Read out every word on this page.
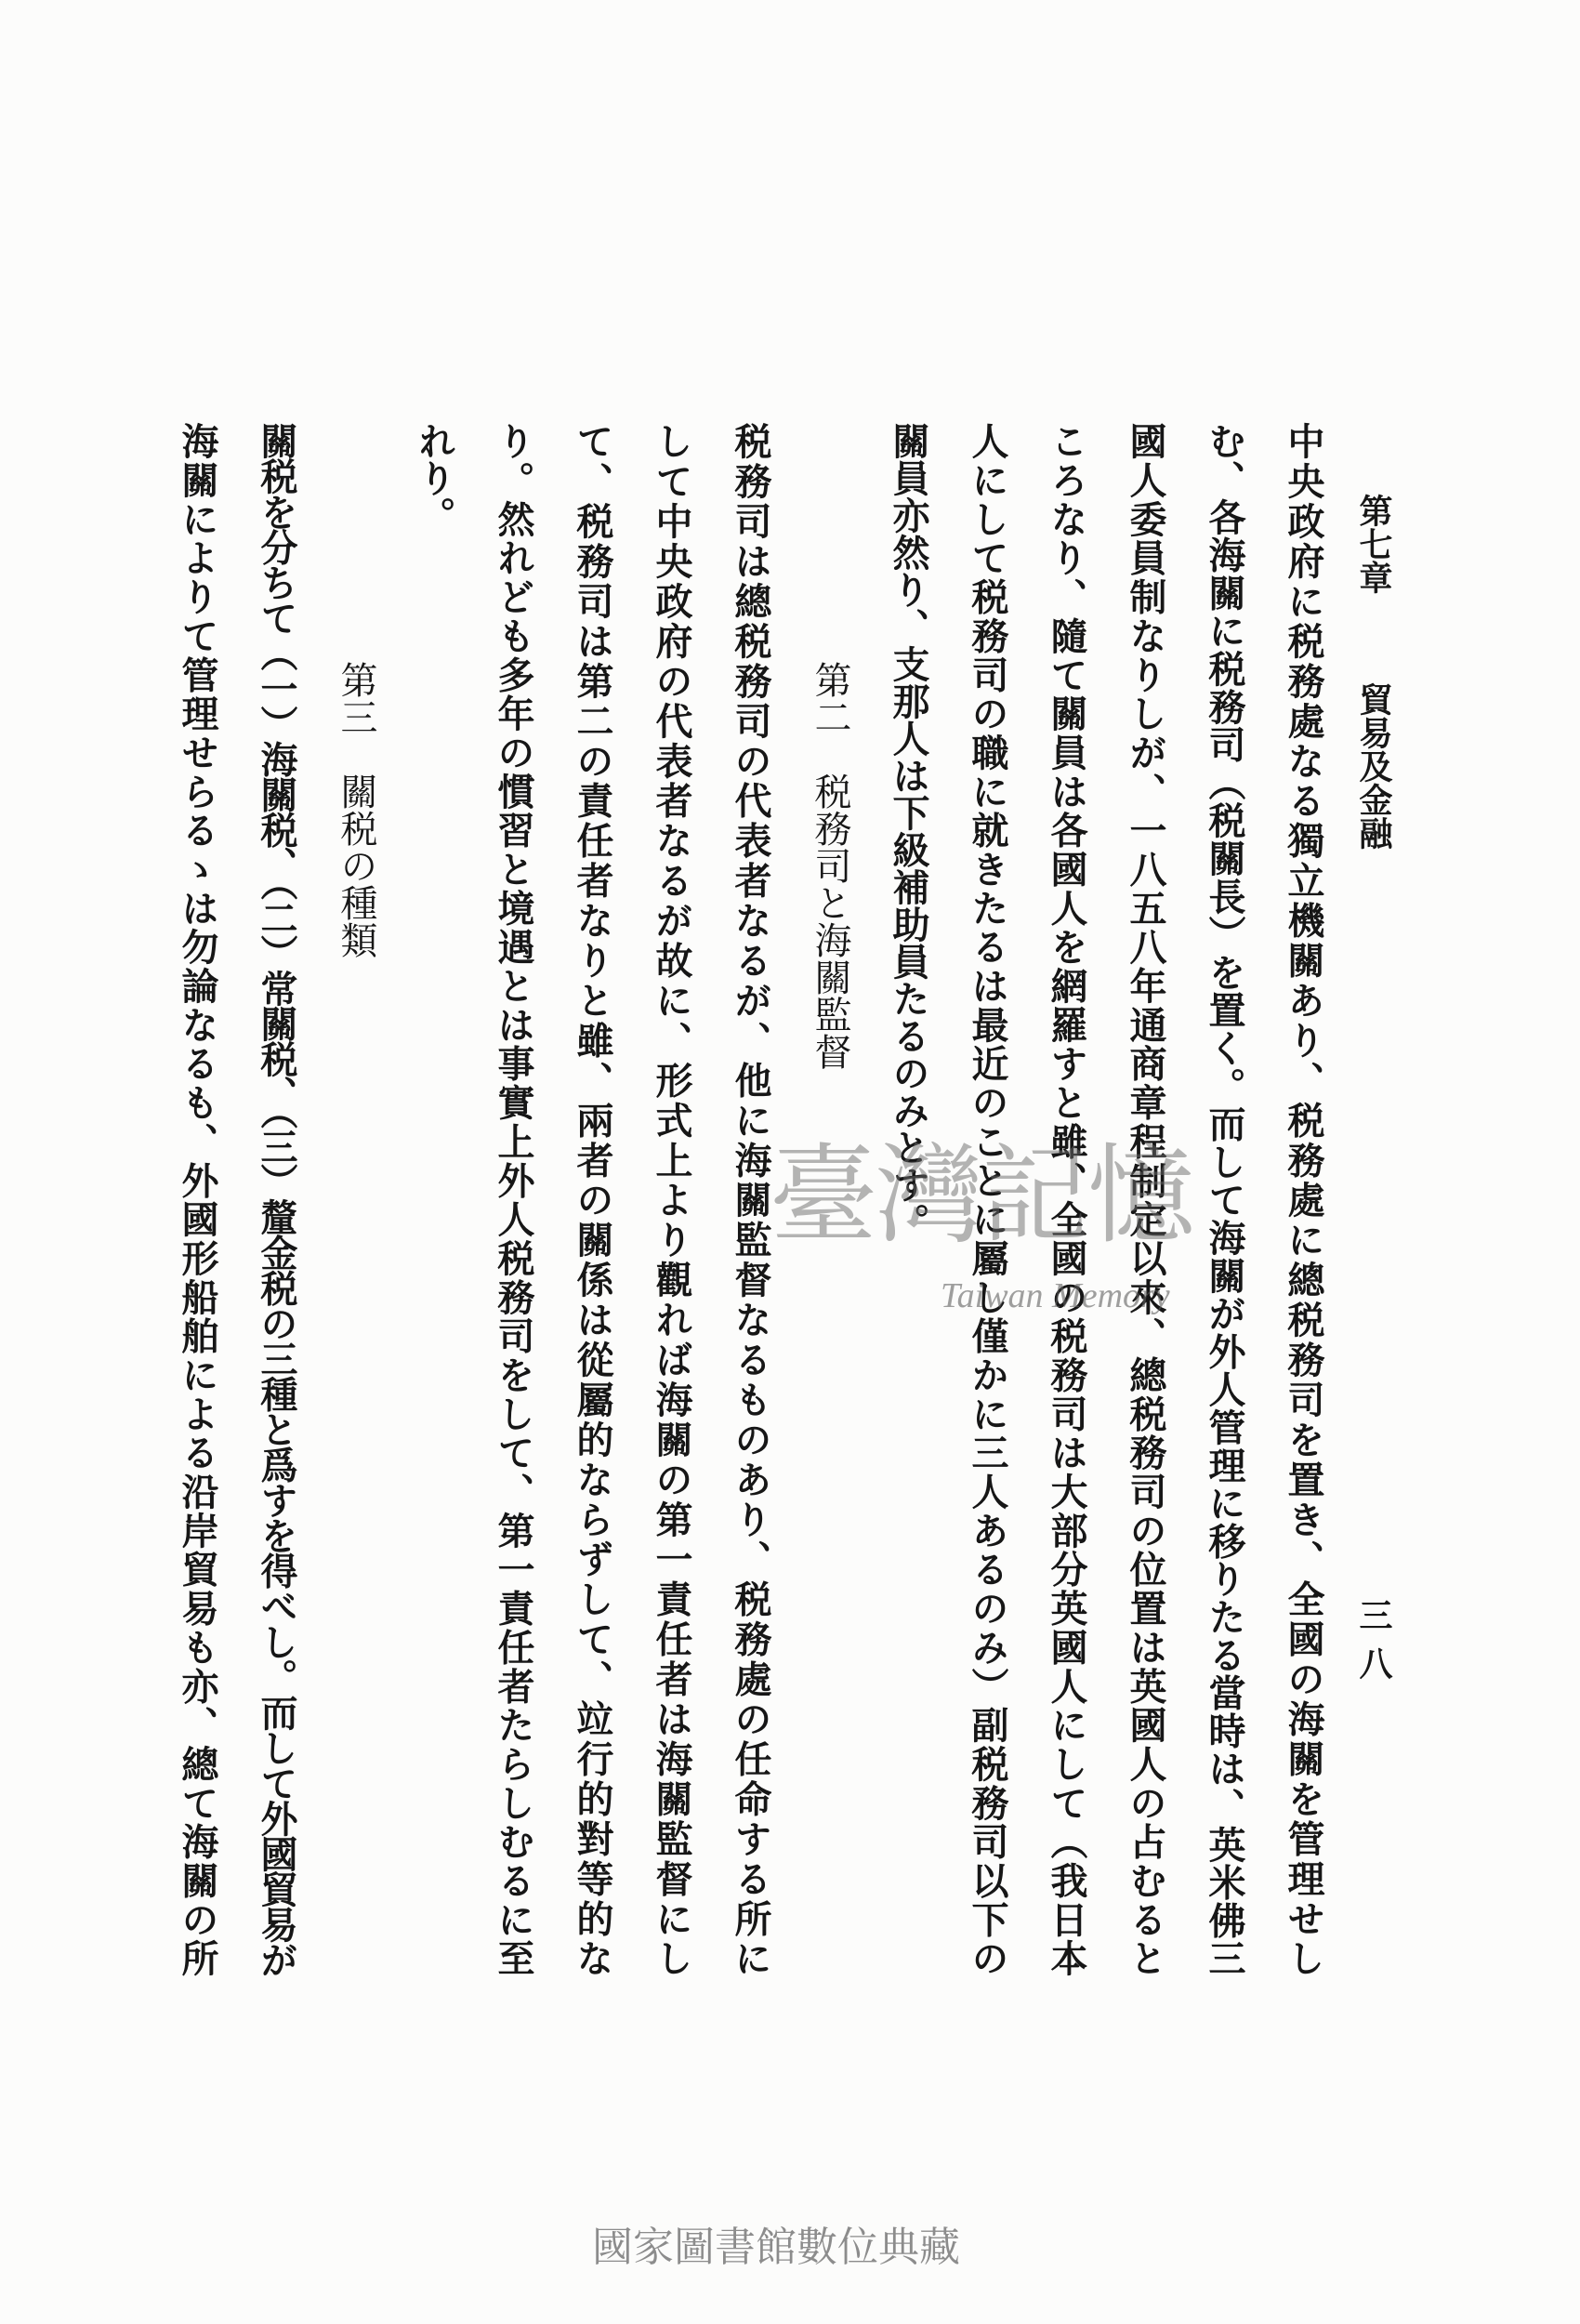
第七章
貿易及金融
三八
中央政府に税務處なる獨立機關あり、税務處に總税務司を置き、全國の海關を管理せし
む、各海關に税務司（税關長）を置く。而して海關が外人管理に移りたる當時は、英米佛三
國人委員制なりしが、一八五八年通商章程制定以來、總税務司の位置は英國人の占むると
ころなり、隨て關員は各國人を網羅すと雖、全國の税務司は大部分英國人にして（我日本
人にして税務司の職に就きたるは最近のことに屬し僅かに三人あるのみ）副税務司以下の
關員亦然り、支那人は下級補助員たるのみとす。
第二　税務司と海關監督
税務司は總税務司の代表者なるが、他に海關監督なるものあり、税務處の任命する所に
して中央政府の代表者なるが故に、形式上より觀れば海關の第一責任者は海關監督にし
て、税務司は第二の責任者なりと雖、兩者の關係は從屬的ならずして、竝行的對等的な
り。然れども多年の慣習と境遇とは事實上外人税務司をして、第一責任者たらしむるに至
れり。
第三　關税の種類
關税を分ちて（一）海關税、（二）常關税、（三）釐金税の三種と爲すを得べし。而して外國貿易が
海關によりて管理せらるゝは勿論なるも、外國形船舶による沿岸貿易も亦、總て海關の所	臺灣記憶
Taiwan Memory
國家圖書館數位典藏
